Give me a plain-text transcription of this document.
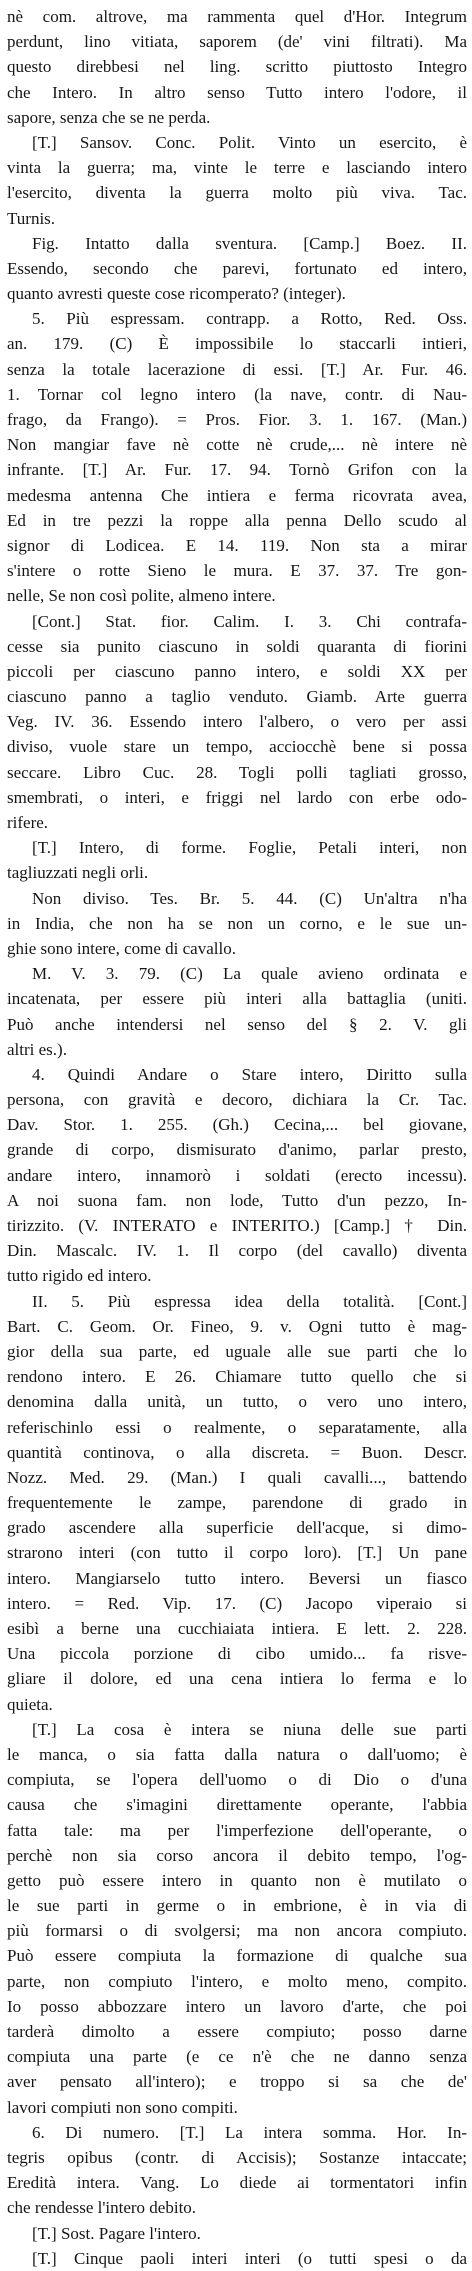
nè com. altrove, ma rammenta quel d'Hor. Integrum
perdunt, lino vitiata, saporem (de' vini filtrati). Ma
questo direbbesi nel ling. scritto piuttosto Integro
che Intero. In altro senso Tutto intero l'odore, il
sapore, senza che se ne perda.
[T.] Sansov. Conc. Polit. Vinto un esercito, è
vinta la guerra; ma, vinte le terre e lasciando intero
l'esercito, diventa la guerra molto più viva. Tac.
Turnis.
Fig. Intatto dalla sventura. [Camp.] Boez. II.
Essendo, secondo che parevi, fortunato ed intero,
quanto avresti queste cose ricomperato? (integer).
5. Più espressam. contrapp. a Rotto, Red. Oss.
an. 179. (C) È impossibile lo staccarli intieri,
senza la totale lacerazione di essi. [T.] Ar. Fur. 46.
1. Tornar col legno intero (la nave, contr. di Nau-
frago, da Frango). = Pros. Fior. 3. 1. 167. (Man.)
Non mangiar fave nè cotte nè crude,... nè intere nè
infrante. [T.] Ar. Fur. 17. 94. Tornò Grifon con la
medesma antenna Che intiera e ferma ricovrata avea,
Ed in tre pezzi la roppe alla penna Dello scudo al
signor di Lodicea. E 14. 119. Non sta a mirar
s'intere o rotte Sieno le mura. E 37. 37. Tre gon-
nelle, Se non così polite, almeno intere.
[Cont.] Stat. fior. Calim. I. 3. Chi contrafa-
cesse sia punito ciascuno in soldi quaranta di fiorini
piccoli per ciascuno panno intero, e soldi XX per
ciascuno panno a taglio venduto. Giamb. Arte guerra
Veg. IV. 36. Essendo intero l'albero, o vero per assi
diviso, vuole stare un tempo, acciocchè bene si possa
seccare. Libro Cuc. 28. Togli polli tagliati grosso,
smembrati, o interi, e friggi nel lardo con erbe odo-
rifere.
[T.] Intero, di forme. Foglie, Petali interi, non
tagliuzzati negli orli.
Non diviso. Tes. Br. 5. 44. (C) Un'altra n'ha
in India, che non ha se non un corno, e le sue un-
ghie sono intere, come di cavallo.
M. V. 3. 79. (C) La quale avieno ordinata e
incatenata, per essere più interi alla battaglia (uniti.
Può anche intendersi nel senso del § 2. V. gli
altri es.).
4. Quindi Andare o Stare intero, Diritto sulla
persona, con gravità e decoro, dichiara la Cr. Tac.
Dav. Stor. 1. 255. (Gh.) Cecina,... bel giovane,
grande di corpo, dismisurato d'animo, parlar presto,
andare intero, innamorò i soldati (erecto incessu).
A noi suona fam. non lode, Tutto d'un pezzo, In-
tirizzito. (V. INTERATO e INTERITO.) [Camp.] † Din.
Din. Mascalc. IV. 1. Il corpo (del cavallo) diventa
tutto rigido ed intero.
II. 5. Più espressa idea della totalità. [Cont.]
Bart. C. Geom. Or. Fineo, 9. v. Ogni tutto è mag-
gior della sua parte, ed uguale alle sue parti che lo
rendono intero. E 26. Chiamare tutto quello che si
denomina dalla unità, un tutto, o vero uno intero,
referischinlo essi o realmente, o separatamente, alla
quantità continova, o alla discreta. = Buon. Descr.
Nozz. Med. 29. (Man.) I quali cavalli..., battendo
frequentemente le zampe, parendone di grado in
grado ascendere alla superficie dell'acque, si dimo-
strarono interi (con tutto il corpo loro). [T.] Un pane
intero. Mangiarselo tutto intero. Beversi un fiasco
intero. = Red. Vip. 17. (C) Jacopo viperaio si
esibì a berne una cucchiaiata intiera. E lett. 2. 228.
Una piccola porzione di cibo umido... fa risve-
gliare il dolore, ed una cena intiera lo ferma e lo
quieta.
[T.] La cosa è intera se niuna delle sue parti
le manca, o sia fatta dalla natura o dall'uomo; è
compiuta, se l'opera dell'uomo o di Dio o d'una
causa che s'imagini direttamente operante, l'abbia
fatta tale: ma per l'imperfezione dell'operante, o
perchè non sia corso ancora il debito tempo, l'og-
getto può essere intero in quanto non è mutilato o
le sue parti in germe o in embrione, è in via di
più formarsi o di svolgersi; ma non ancora compiuto.
Può essere compiuta la formazione di qualche sua
parte, non compiuto l'intero, e molto meno, compito.
Io posso abbozzare intero un lavoro d'arte, che poi
tarderà dimolto a essere compiuto; posso darne
compiuta una parte (e ce n'è che ne danno senza
aver pensato all'intero); e troppo si sa che de'
lavori compiuti non sono compiti.
6. Di numero. [T.] La intera somma. Hor. In-
tegris opibus (contr. di Accisis); Sostanze intaccate;
Eredità intera. Vang. Lo diede ai tormentatori infin
che rendesse l'intero debito.
[T.] Sost. Pagare l'intero.
[T.] Cinque paoli interi interi (o tutti spesi o da
